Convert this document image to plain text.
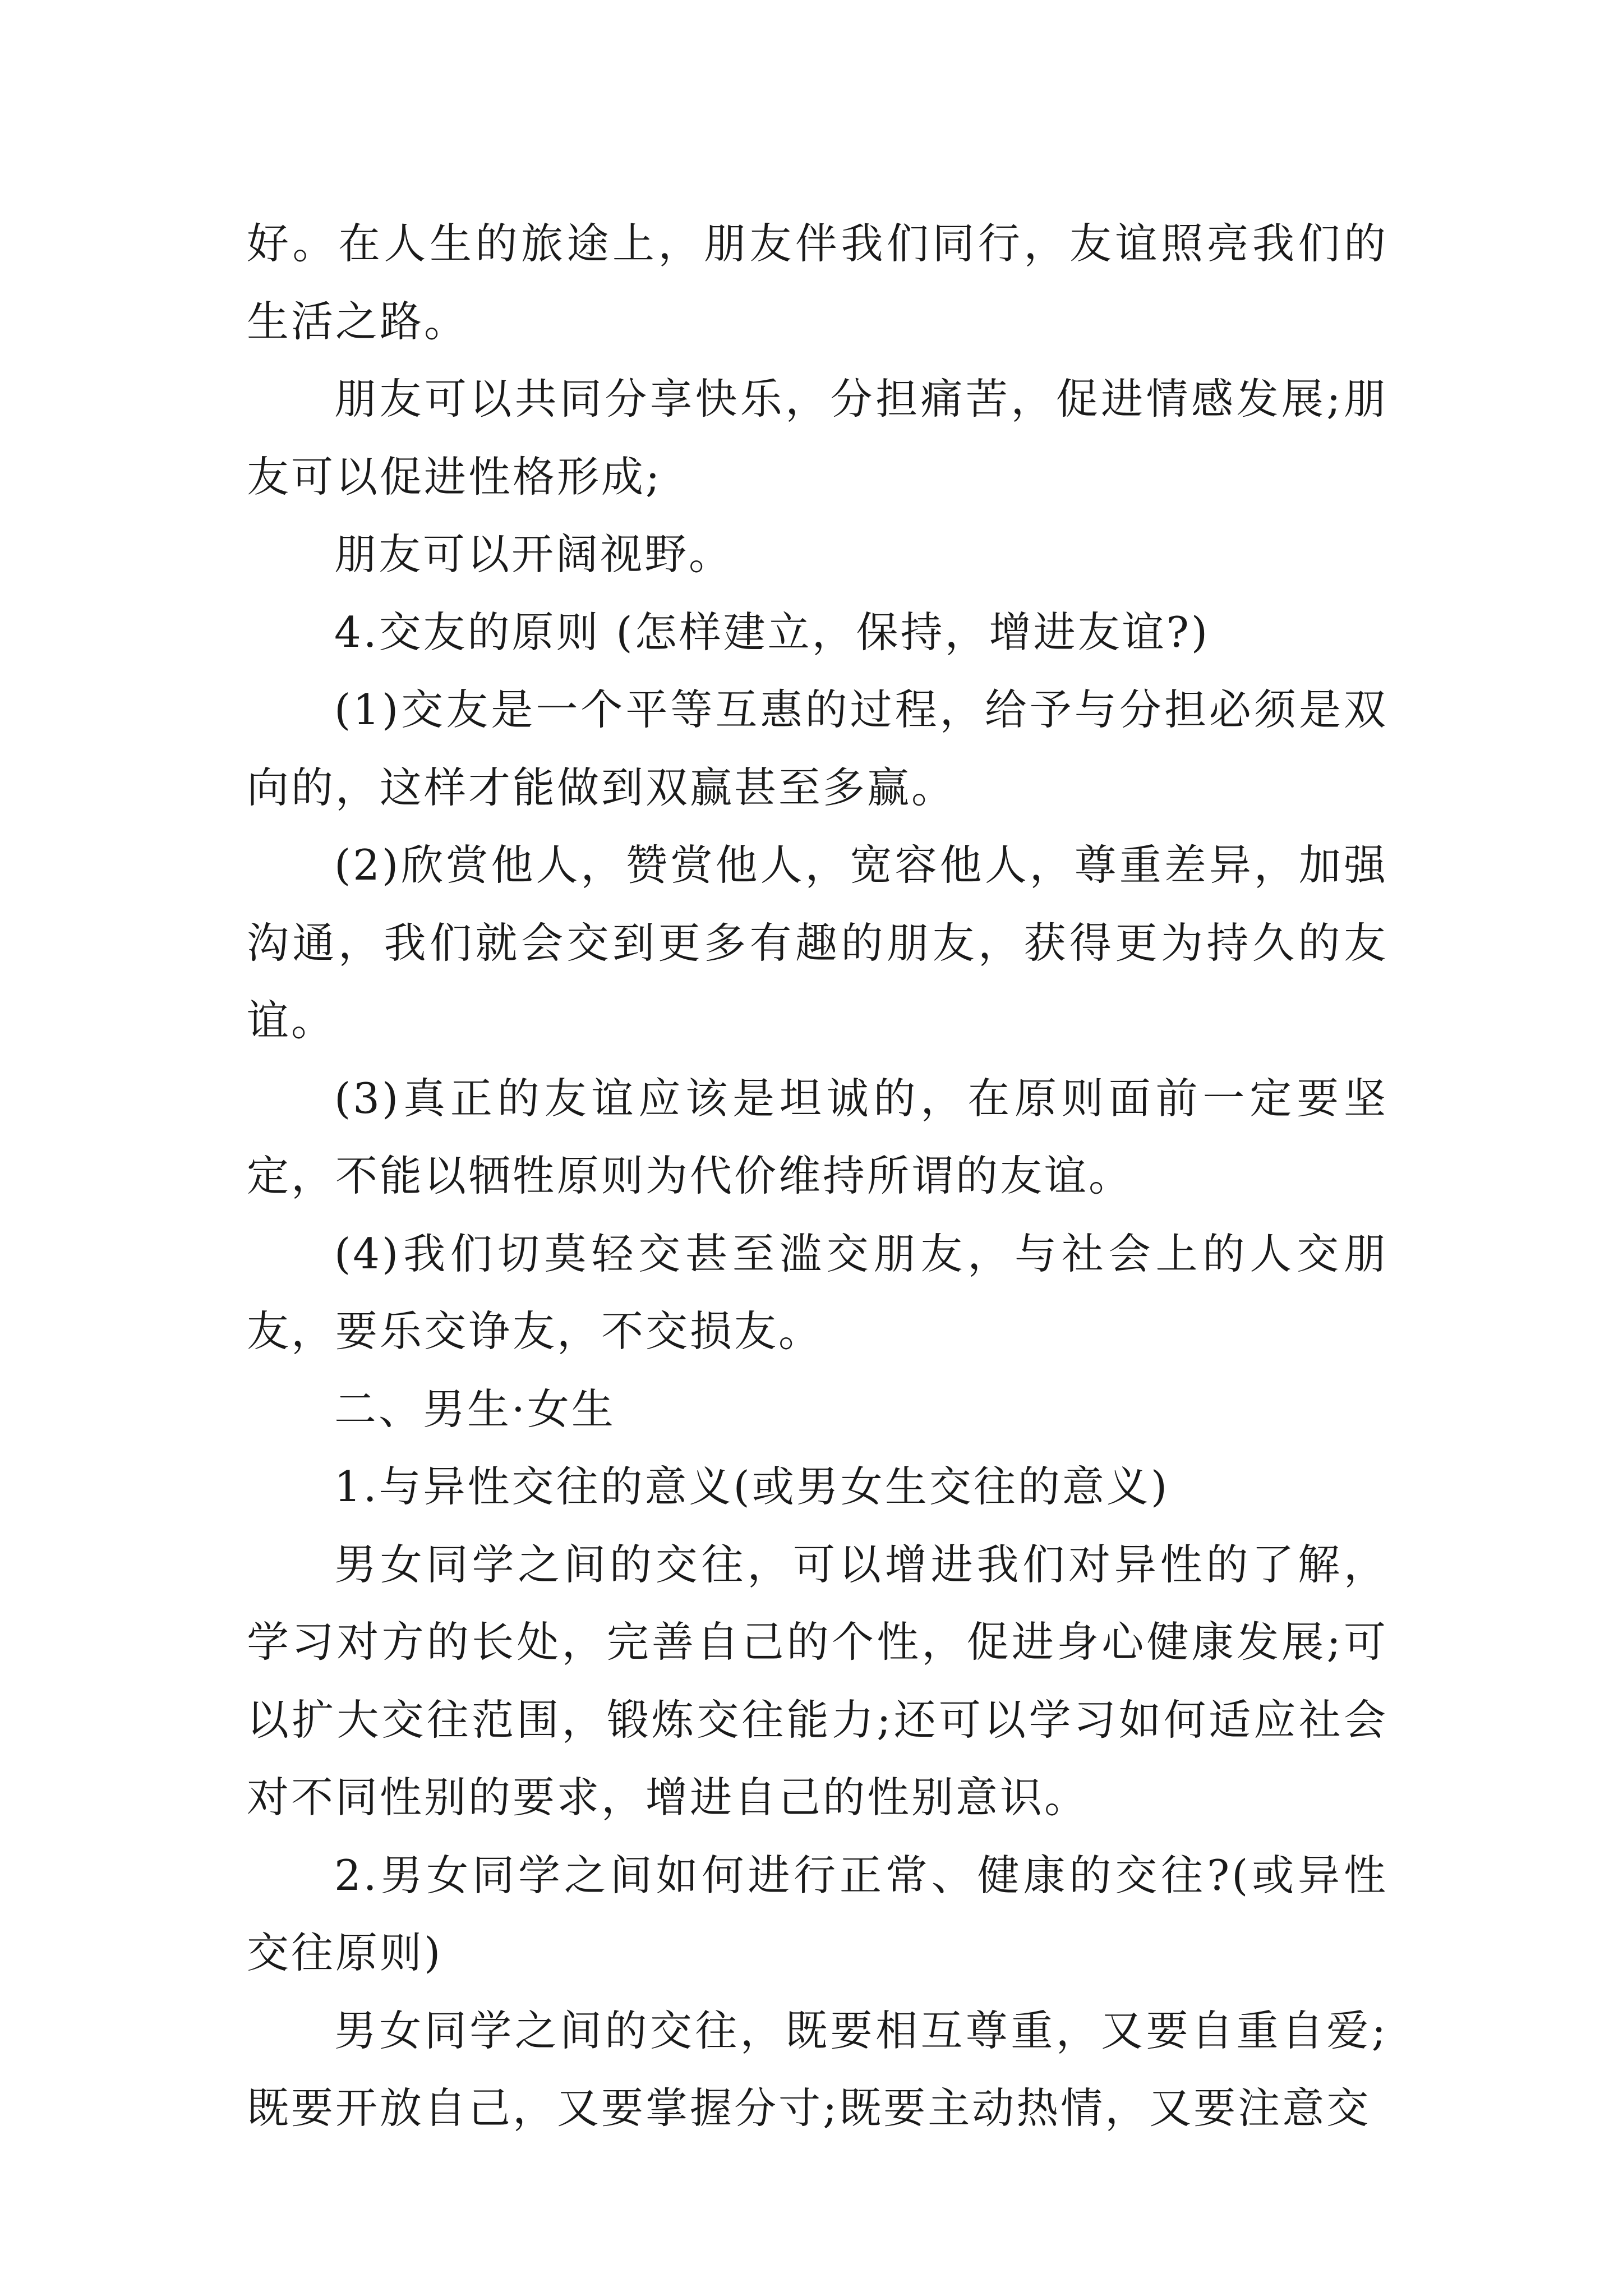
好。在人生的旅途上，朋友伴我们同行，友谊照亮我们的生活之路。

朋友可以共同分享快乐，分担痛苦，促进情感发展;朋友可以促进性格形成;

朋友可以开阔视野。

4.交友的原则 (怎样建立，保持，增进友谊?)

(1)交友是一个平等互惠的过程，给予与分担必须是双向的，这样才能做到双赢甚至多赢。

(2)欣赏他人，赞赏他人，宽容他人，尊重差异，加强沟通，我们就会交到更多有趣的朋友，获得更为持久的友谊。

(3)真正的友谊应该是坦诚的，在原则面前一定要坚定，不能以牺牲原则为代价维持所谓的友谊。

(4)我们切莫轻交甚至滥交朋友，与社会上的人交朋友，要乐交诤友，不交损友。

二、男生·女生

1.与异性交往的意义(或男女生交往的意义)

男女同学之间的交往，可以增进我们对异性的了解，学习对方的长处，完善自己的个性，促进身心健康发展;可以扩大交往范围，锻炼交往能力;还可以学习如何适应社会对不同性别的要求，增进自己的性别意识。

2.男女同学之间如何进行正常、健康的交往?(或异性交往原则)

男女同学之间的交往，既要相互尊重，又要自重自爱;既要开放自己，又要掌握分寸;既要主动热情，又要注意交
